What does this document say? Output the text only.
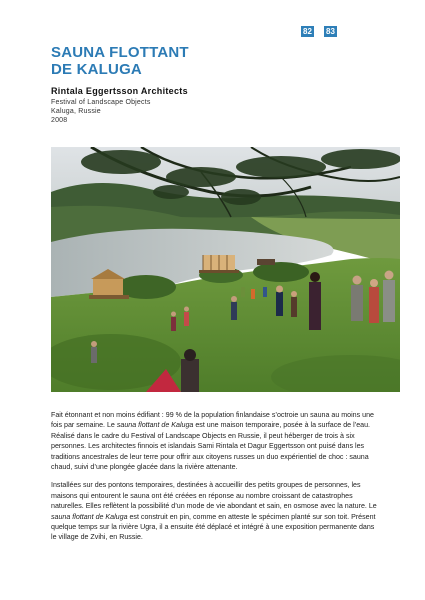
82 83
SAUNA FLOTTANT
DE KALUGA
Rintala Eggertsson Architects
Festival of Landscape Objects
Kaluga, Russie
2008

Fait étonnant et non moins édifiant : 99 % de la population finlandaise s’octroie un sauna au moins une fois par semaine. Le sauna flottant de Kaluga est une maison temporaire, posée à la surface de l’eau. Réalisé dans le cadre du Festival of Landscape Objects en Russie, il peut héberger de trois à six personnes. Les architectes finnois et islandais Sami Rintala et Dagur Eggertsson ont puisé dans les traditions ancestrales de leur terre pour offrir aux citoyens russes un duo expérientiel de choc : sauna chaud, suivi d’une plongée glacée dans la rivière attenante.

Installées sur des pontons temporaires, destinées à accueillir des petits groupes de personnes, les maisons qui entourent le sauna ont été créées en réponse au nombre croissant de catastrophes naturelles. Elles reflètent la possibilité d’un mode de vie abondant et sain, en osmose avec la nature. Le sauna flottant de Kaluga est construit en pin, comme en atteste le spécimen planté sur son toit. Présent quelque temps sur la rivière Ugra, il a ensuite été déplacé et intégré à une exposition permanente dans le village de Zvihi, en Russie.
